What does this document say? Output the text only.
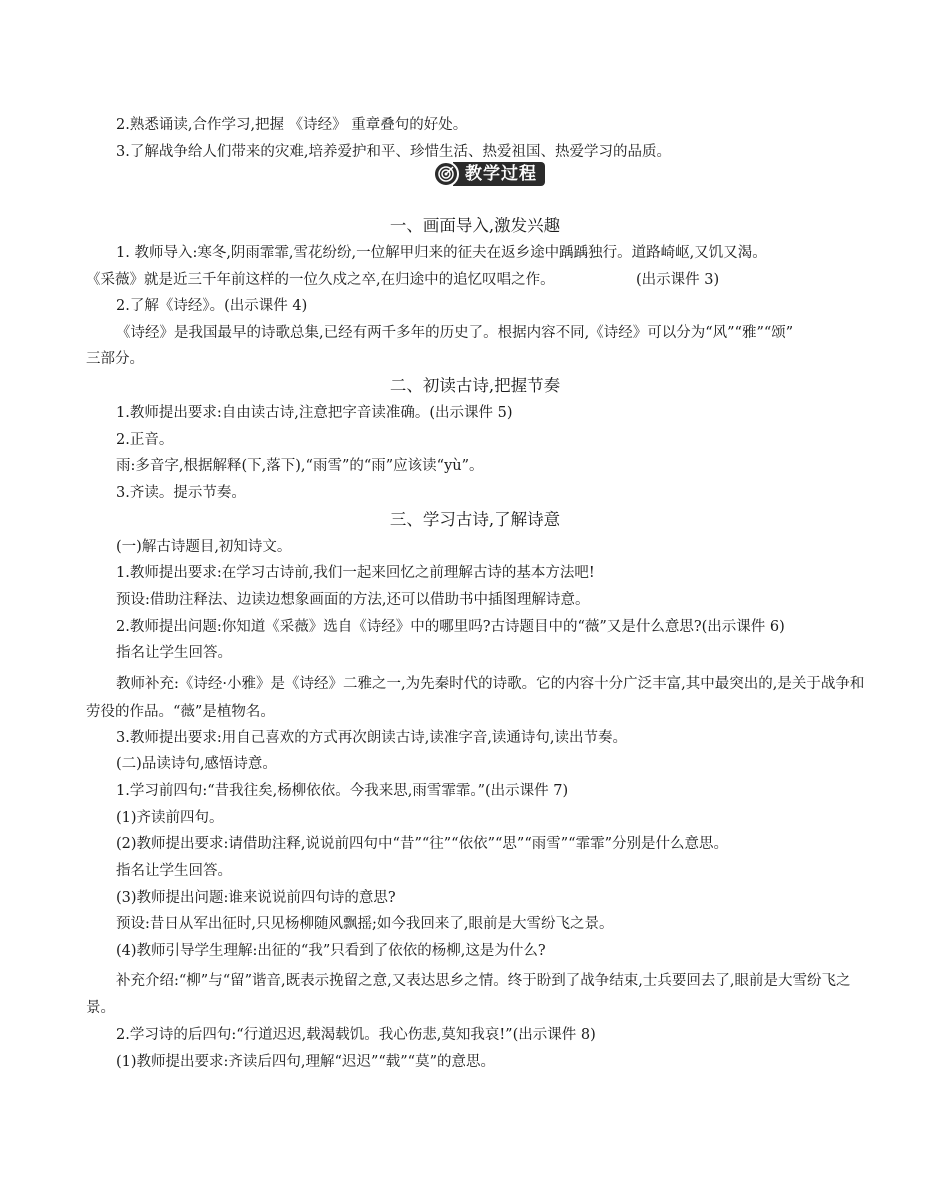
2.熟悉诵读,合作学习,把握 《诗经》 重章叠句的好处。
3.了解战争给人们带来的灾难,培养爱护和平、珍惜生活、热爱祖国、热爱学习的品质。
教学过程
一、画面导入,激发兴趣
1. 教师导入:寒冬,阴雨霏霏,雪花纷纷,一位解甲归来的征夫在返乡途中踽踽独行。道路崎岖,又饥又渴。
《采薇》就是近三千年前这样的一位久戍之卒,在归途中的追忆叹唱之作。	(出示课件 3)
2.了解《诗经》。(出示课件 4)
《诗经》是我国最早的诗歌总集,已经有两千多年的历史了。根据内容不同,《诗经》可以分为“风”“雅”“颂”
三部分。
二、初读古诗,把握节奏
1.教师提出要求:自由读古诗,注意把字音读准确。(出示课件 5)
2.正音。
雨:多音字,根据解释(下,落下),“雨雪”的“雨”应该读“yù”。
3.齐读。提示节奏。
三、学习古诗,了解诗意
(一)解古诗题目,初知诗文。
1.教师提出要求:在学习古诗前,我们一起来回忆之前理解古诗的基本方法吧!
预设:借助注释法、边读边想象画面的方法,还可以借助书中插图理解诗意。
2.教师提出问题:你知道《采薇》选自《诗经》中的哪里吗?古诗题目中的“薇”又是什么意思?(出示课件 6)
指名让学生回答。
教师补充:《诗经·小雅》是《诗经》二雅之一,为先秦时代的诗歌。它的内容十分广泛丰富,其中最突出的,是关于战争和劳役的作品。“薇”是植物名。
3.教师提出要求:用自己喜欢的方式再次朗读古诗,读准字音,读通诗句,读出节奏。
(二)品读诗句,感悟诗意。
1.学习前四句:“昔我往矣,杨柳依依。今我来思,雨雪霏霏。”(出示课件 7)
(1)齐读前四句。
(2)教师提出要求:请借助注释,说说前四句中“昔”“往”“依依”“思”“雨雪”“霏霏”分别是什么意思。
指名让学生回答。
(3)教师提出问题:谁来说说前四句诗的意思?
预设:昔日从军出征时,只见杨柳随风飘摇;如今我回来了,眼前是大雪纷飞之景。
(4)教师引导学生理解:出征的“我”只看到了依依的杨柳,这是为什么?
补充介绍:“柳”与“留”谐音,既表示挽留之意,又表达思乡之情。终于盼到了战争结束,士兵要回去了,眼前是大雪纷飞之景。
2.学习诗的后四句:“行道迟迟,载渴载饥。我心伤悲,莫知我哀!”(出示课件 8)
(1)教师提出要求:齐读后四句,理解“迟迟”“载”“莫”的意思。
